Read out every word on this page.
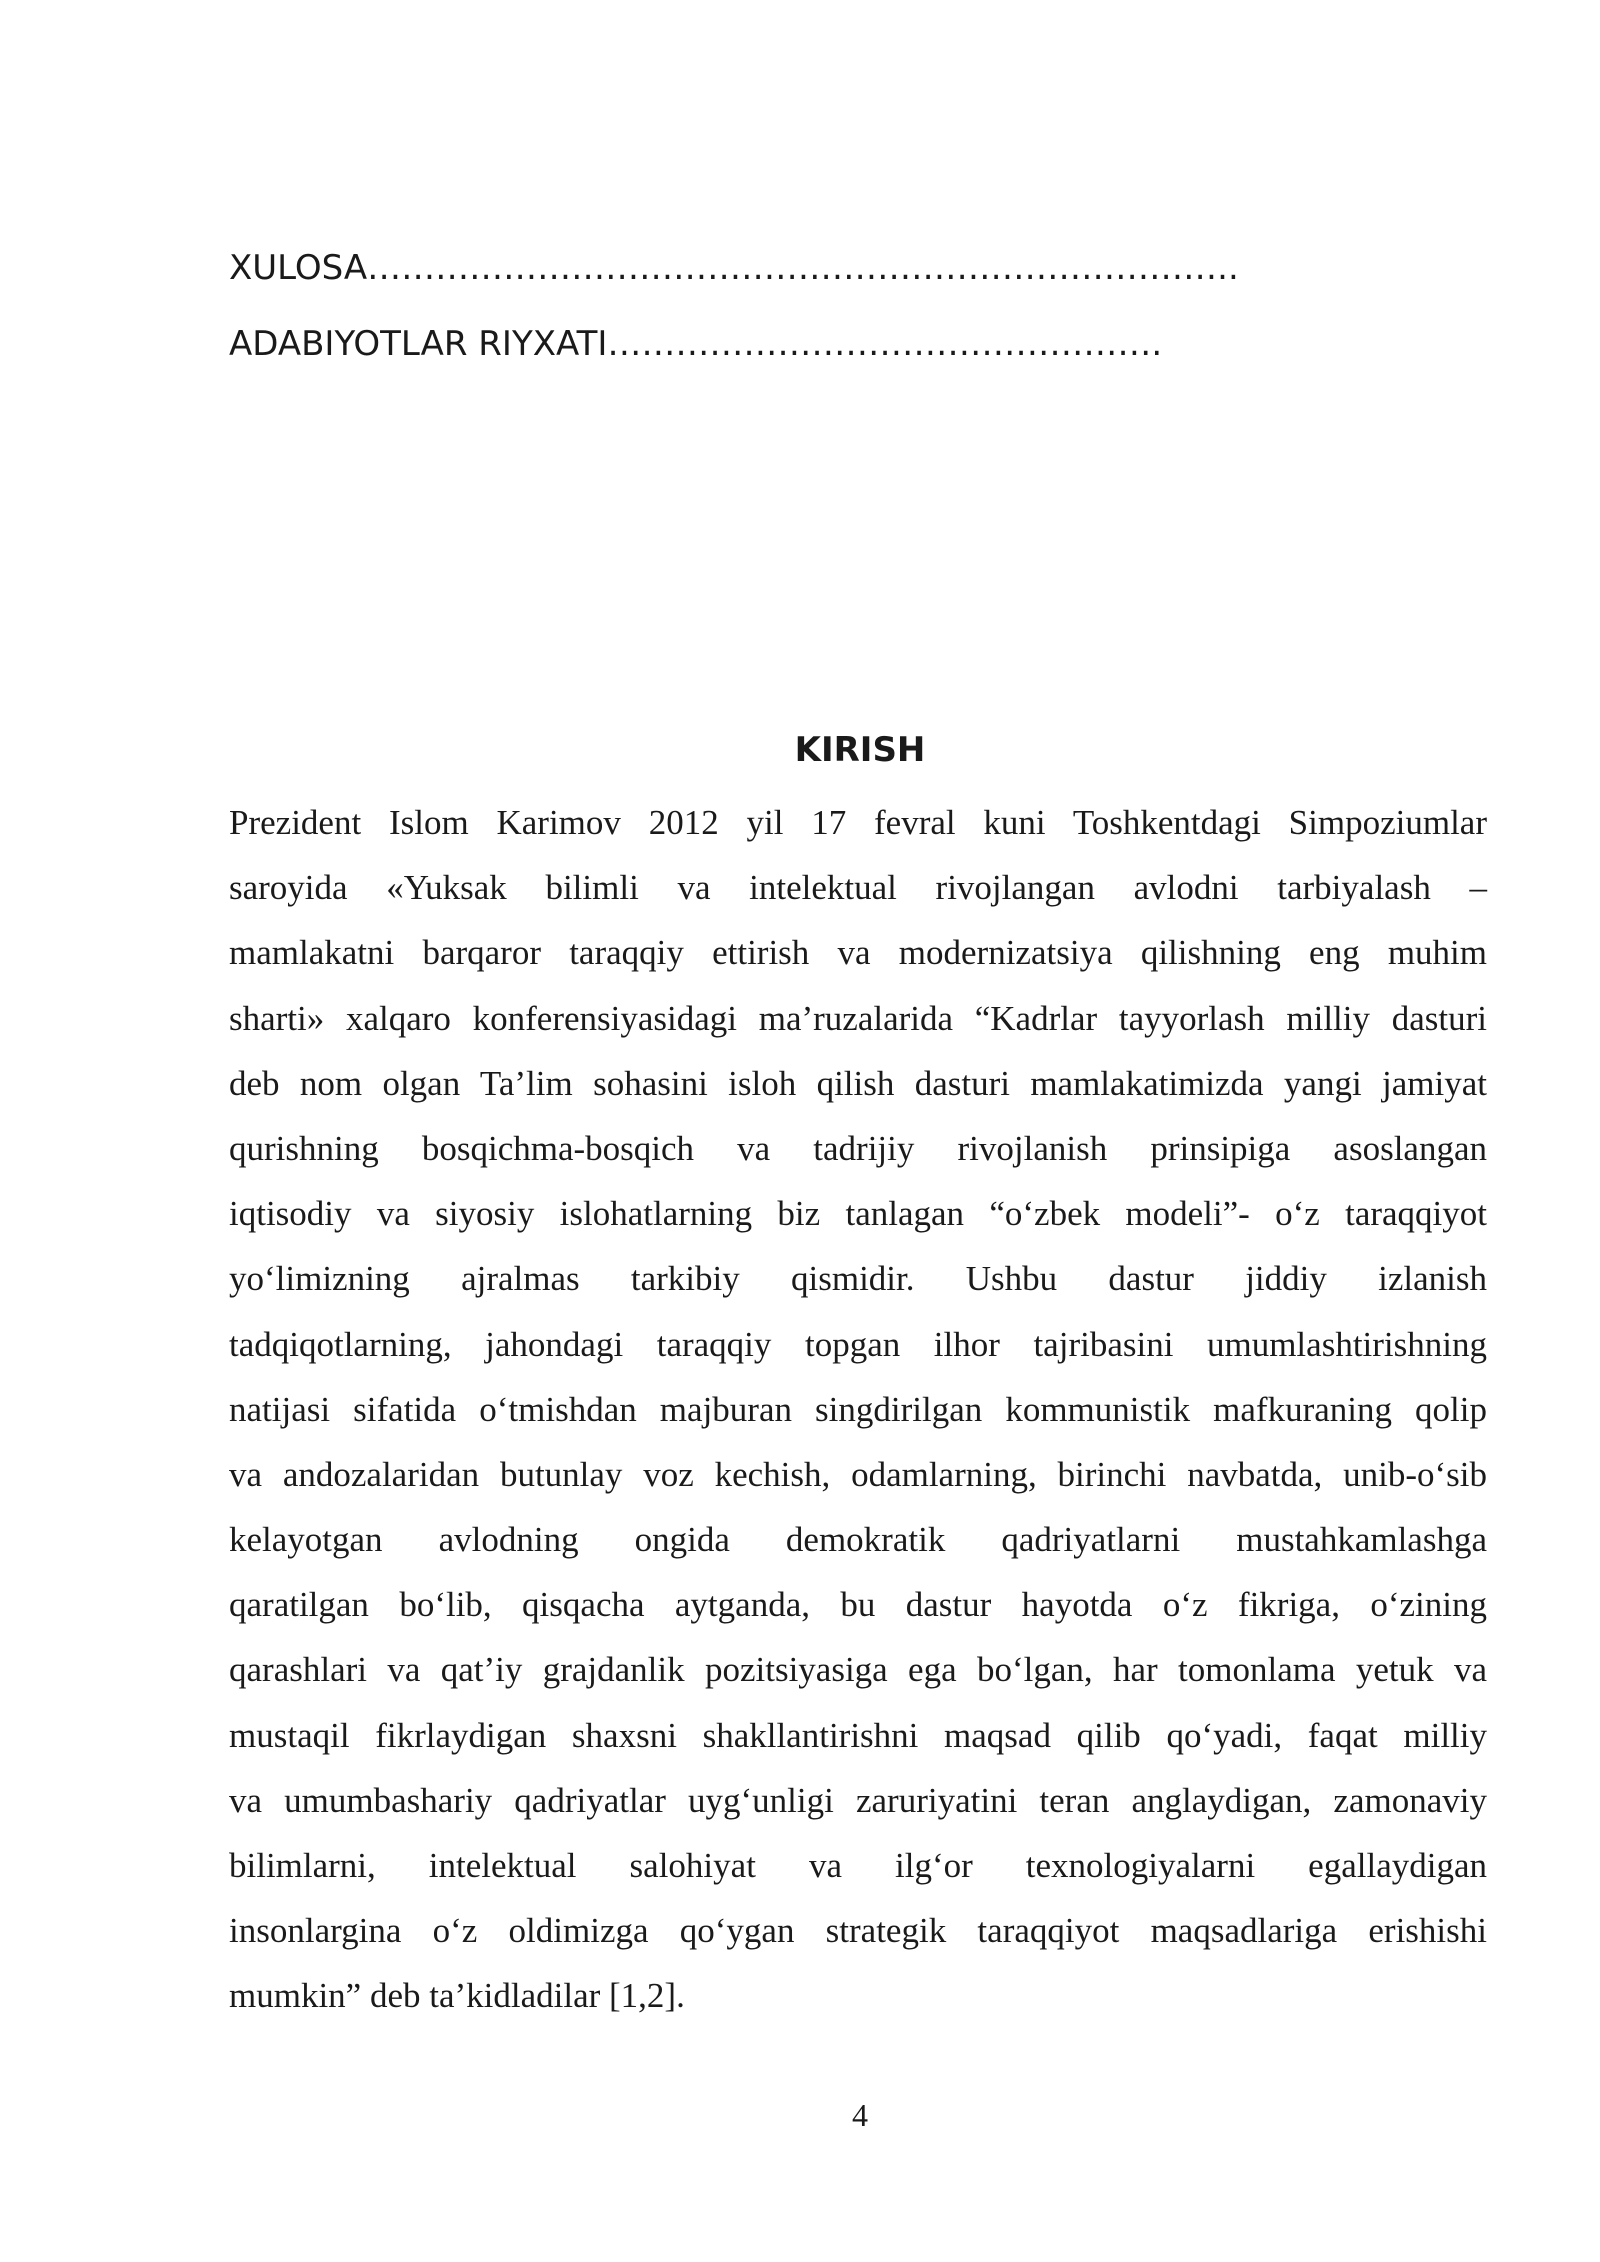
XULOSA…………………………………………………………………..
ADABIYOTLAR RIYXATI………………………………………….
KIRISH
Prezident Islom Karimov 2012 yil 17 fevral kuni Toshkentdagi Simpoziumlar
saroyida «Yuksak bilimli va intelektual rivojlangan avlodni tarbiyalash –
mamlakatni barqaror taraqqiy ettirish va modernizatsiya qilishning eng muhim
sharti» xalqaro konferensiyasidagi ma’ruzalarida “Kadrlar tayyorlash milliy dasturi
deb nom olgan Ta’lim sohasini isloh qilish dasturi mamlakatimizda yangi jamiyat
qurishning bosqichma-bosqich va tadrijiy rivojlanish prinsipiga asoslangan
iqtisodiy va siyosiy islohatlarning biz tanlagan “o‘zbek modeli”- o‘z taraqqiyot
yo‘limizning ajralmas tarkibiy qismidir. Ushbu dastur jiddiy izlanish
tadqiqotlarning, jahondagi taraqqiy topgan ilhor tajribasini umumlashtirishning
natijasi sifatida o‘tmishdan majburan singdirilgan kommunistik mafkuraning qolip
va andozalaridan butunlay voz kechish, odamlarning, birinchi navbatda, unib-o‘sib
kelayotgan avlodning ongida demokratik qadriyatlarni mustahkamlashga
qaratilgan bo‘lib, qisqacha aytganda, bu dastur hayotda o‘z fikriga, o‘zining
qarashlari va qat’iy grajdanlik pozitsiyasiga ega bo‘lgan, har tomonlama yetuk va
mustaqil fikrlaydigan shaxsni shakllantirishni maqsad qilib qo‘yadi, faqat milliy
va umumbashariy qadriyatlar uyg‘unligi zaruriyatini teran anglaydigan, zamonaviy
bilimlarni, intelektual salohiyat va ilg‘or texnologiyalarni egallaydigan
insonlargina o‘z oldimizga qo‘ygan strategik taraqqiyot maqsadlariga erishishi
mumkin” deb ta’kidladilar [1,2].
4
